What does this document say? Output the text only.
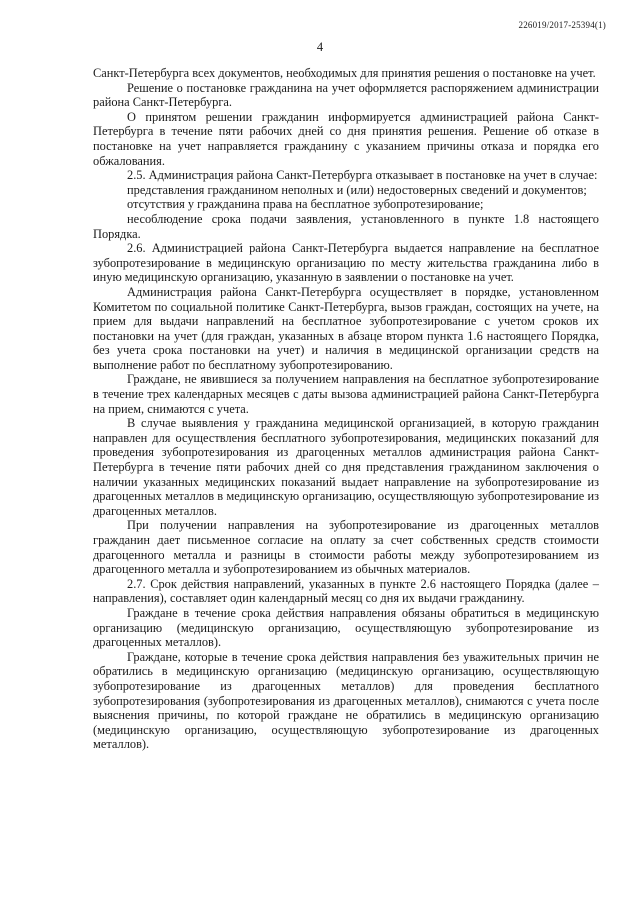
226019/2017-25394(1)
4

Санкт-Петербурга всех документов, необходимых для принятия решения о постановке на учет.

Решение о постановке гражданина на учет оформляется распоряжением администрации района Санкт-Петербурга.

О принятом решении гражданин информируется администрацией района Санкт-Петербурга в течение пяти рабочих дней со дня принятия решения. Решение об отказе в постановке на учет направляется гражданину с указанием причины отказа и порядка его обжалования.

2.5. Администрация района Санкт-Петербурга отказывает в постановке на учет в случае:

представления гражданином неполных и (или) недостоверных сведений и документов;

отсутствия у гражданина права на бесплатное зубопротезирование;

несоблюдение срока подачи заявления, установленного в пункте 1.8 настоящего Порядка.

2.6. Администрацией района Санкт-Петербурга выдается направление на бесплатное зубопротезирование в медицинскую организацию по месту жительства гражданина либо в иную медицинскую организацию, указанную в заявлении о постановке на учет.

Администрация района Санкт-Петербурга осуществляет в порядке, установленном Комитетом по социальной политике Санкт-Петербурга, вызов граждан, состоящих на учете, на прием для выдачи направлений на бесплатное зубопротезирование с учетом сроков их постановки на учет (для граждан, указанных в абзаце втором пункта 1.6 настоящего Порядка, без учета срока постановки на учет) и наличия в медицинской организации средств на выполнение работ по бесплатному зубопротезированию.

Граждане, не явившиеся за получением направления на бесплатное зубопротезирование в течение трех календарных месяцев с даты вызова администрацией района Санкт-Петербурга на прием, снимаются с учета.

В случае выявления у гражданина медицинской организацией, в которую гражданин направлен для осуществления бесплатного зубопротезирования, медицинских показаний для проведения зубопротезирования из драгоценных металлов администрация района Санкт-Петербурга в течение пяти рабочих дней со дня представления гражданином заключения о наличии указанных медицинских показаний выдает направление на зубопротезирование из драгоценных металлов в медицинскую организацию, осуществляющую зубопротезирование из драгоценных металлов.

При получении направления на зубопротезирование из драгоценных металлов гражданин дает письменное согласие на оплату за счет собственных средств стоимости драгоценного металла и разницы в стоимости работы между зубопротезированием из драгоценного металла и зубопротезированием из обычных материалов.

2.7. Срок действия направлений, указанных в пункте 2.6 настоящего Порядка (далее – направления), составляет один календарный месяц со дня их выдачи гражданину.

Граждане в течение срока действия направления обязаны обратиться в медицинскую организацию (медицинскую организацию, осуществляющую зубопротезирование из драгоценных металлов).

Граждане, которые в течение срока действия направления без уважительных причин не обратились в медицинскую организацию (медицинскую организацию, осуществляющую зубопротезирование из драгоценных металлов) для проведения бесплатного зубопротезирования (зубопротезирования из драгоценных металлов), снимаются с учета после выяснения причины, по которой граждане не обратились в медицинскую организацию (медицинскую организацию, осуществляющую зубопротезирование из драгоценных металлов).
